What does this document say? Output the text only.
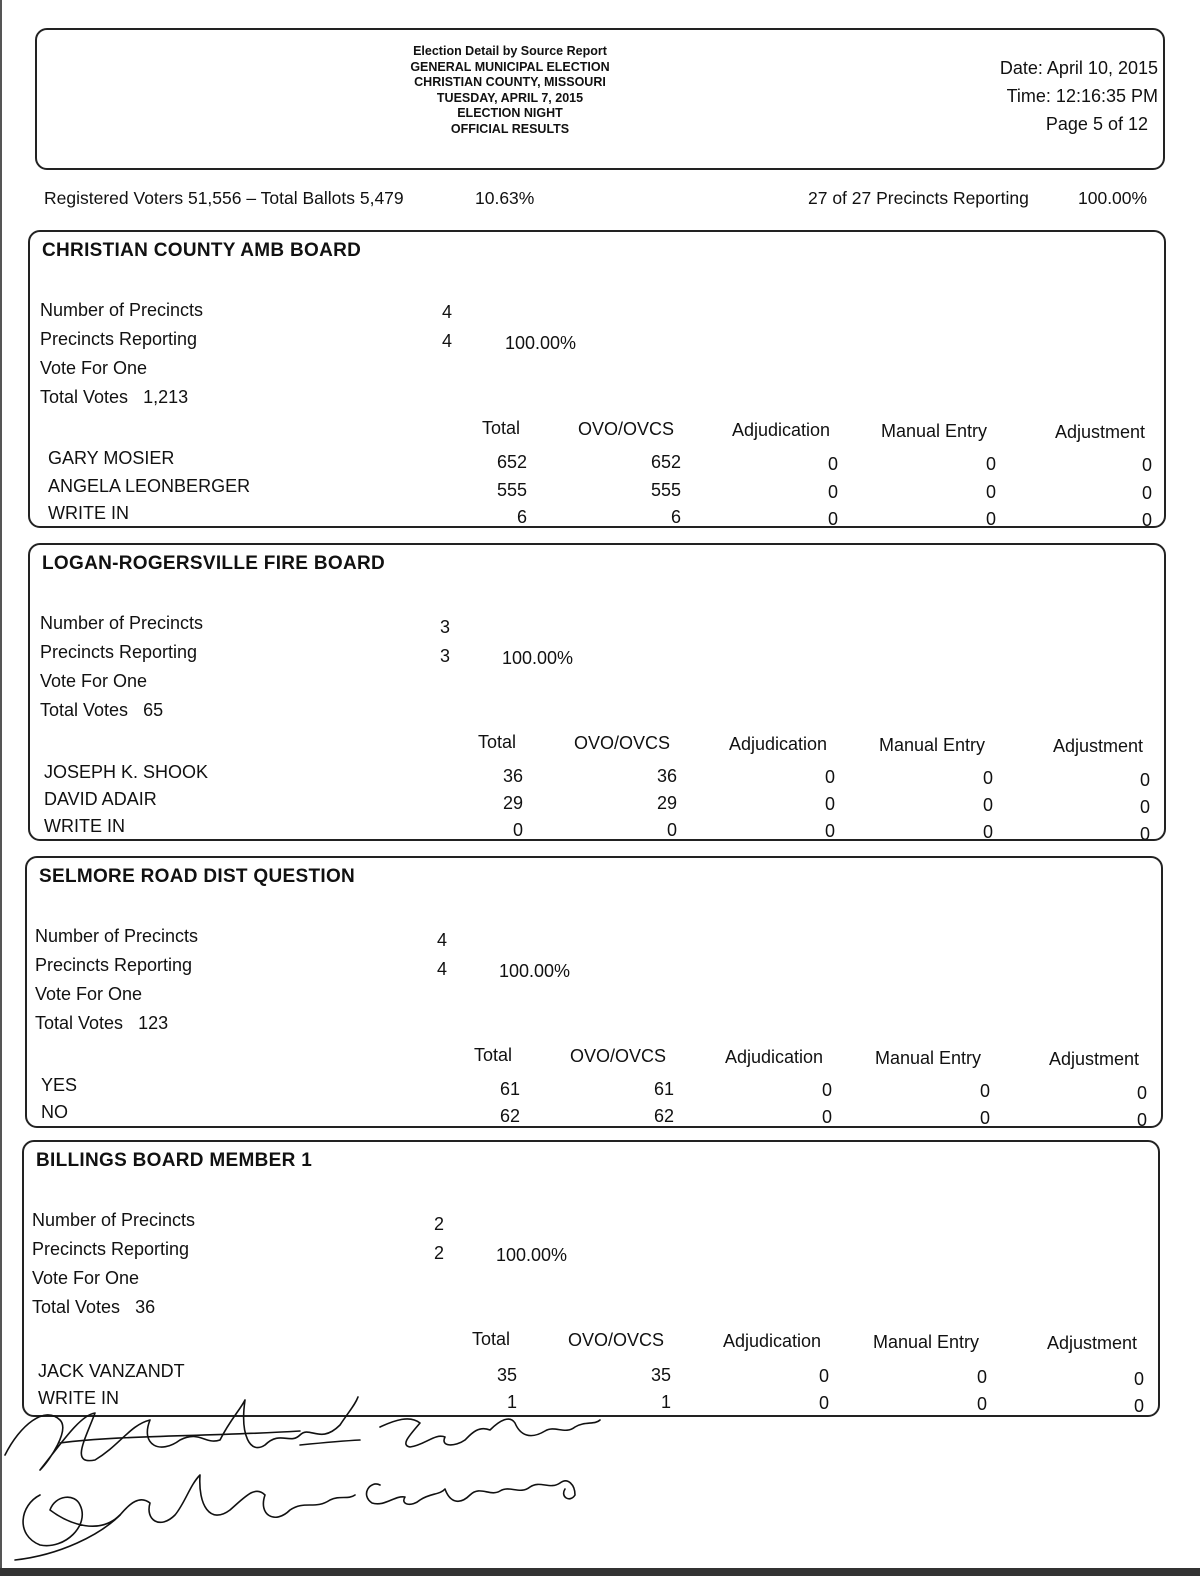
Election Detail by Source Report
GENERAL MUNICIPAL ELECTION
CHRISTIAN COUNTY, MISSOURI
TUESDAY, APRIL 7, 2015
ELECTION NIGHT
OFFICIAL RESULTS
Date: April 10, 2015
Time: 12:16:35 PM
Page 5 of 12
Registered Voters 51,556 – Total Ballots 5,479	10.63%	27 of 27 Precincts Reporting	100.00%
CHRISTIAN COUNTY AMB BOARD
Number of Precincts	4
Precincts Reporting	4	100.00%
Vote For One
Total Votes 1,213
Total	OVO/OVCS	Adjudication	Manual Entry	Adjustment
GARY MOSIER	652	652	0	0	0
ANGELA LEONBERGER	555	555	0	0	0
WRITE IN	6	6	0	0	0
LOGAN-ROGERSVILLE FIRE BOARD
Number of Precincts	3
Precincts Reporting	3	100.00%
Vote For One
Total Votes 65
Total	OVO/OVCS	Adjudication	Manual Entry	Adjustment
JOSEPH K. SHOOK	36	36	0	0	0
DAVID ADAIR	29	29	0	0	0
WRITE IN	0	0	0	0	0
SELMORE ROAD DIST QUESTION
Number of Precincts	4
Precincts Reporting	4	100.00%
Vote For One
Total Votes 123
Total	OVO/OVCS	Adjudication	Manual Entry	Adjustment
YES	61	61	0	0	0
NO	62	62	0	0	0
BILLINGS BOARD MEMBER 1
Number of Precincts	2
Precincts Reporting	2	100.00%
Vote For One
Total Votes 36
Total	OVO/OVCS	Adjudication	Manual Entry	Adjustment
JACK VANZANDT	35	35	0	0	0
WRITE IN	1	1	0	0	0
